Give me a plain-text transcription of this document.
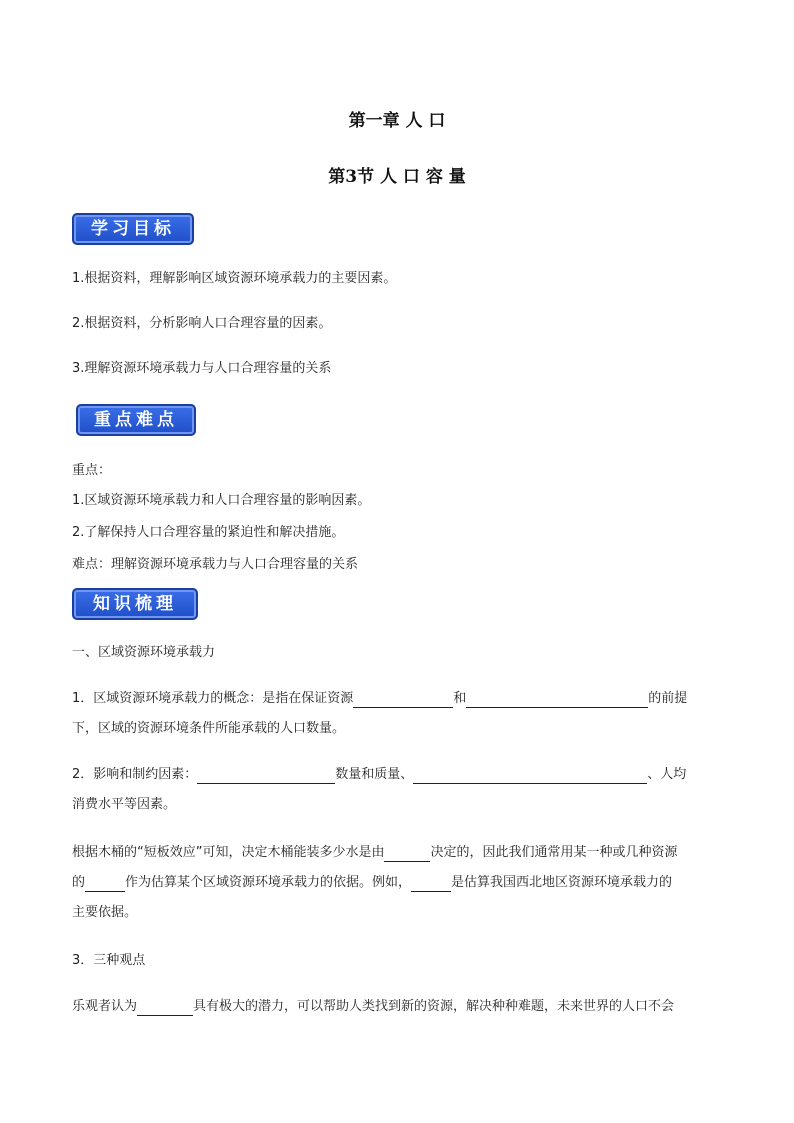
第一章 人 口
第3节 人 口 容 量
学习目标
1.根据资料，理解影响区域资源环境承载力的主要因素。
2.根据资料，分析影响人口合理容量的因素。
3.理解资源环境承载力与人口合理容量的关系
重点难点
重点：
1.区域资源环境承载力和人口合理容量的影响因素。
2.了解保持人口合理容量的紧迫性和解决措施。
难点：理解资源环境承载力与人口合理容量的关系
知识梳理
一、区域资源环境承载力
1．区域资源环境承载力的概念：是指在保证资源	和	的前提
下，区域的资源环境条件所能承载的人口数量。
2．影响和制约因素：	数量和质量、	、人均
消费水平等因素。
根据木桶的“短板效应”可知，决定木桶能装多少水是由	决定的，因此我们通常用某一种或几种资源
的	作为估算某个区域资源环境承载力的依据。例如，	是估算我国西北地区资源环境承载力的
主要依据。
3．三种观点
乐观者认为	具有极大的潜力，可以帮助人类找到新的资源，解决种种难题，未来世界的人口不会
